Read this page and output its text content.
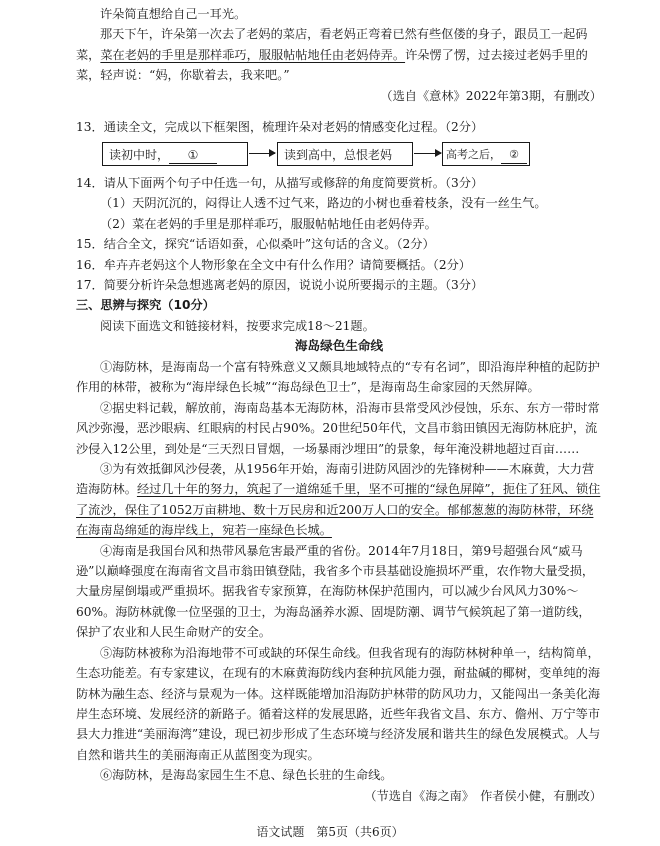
许朵简直想给自己一耳光。

那天下午，许朵第一次去了老妈的菜店，看老妈正弯着已然有些伛偻的身子，跟员工一起码菜，菜在老妈的手里是那样乖巧，服服帖帖地任由老妈侍弄。许朵愣了愣，过去接过老妈手里的菜，轻声说：“妈，你歇着去，我来吧。”

（选自《意林》2022年第3期，有删改）

13．通读全文，完成以下框架图，梳理许朵对老妈的情感变化过程。（2分）

读初中时， ①	读到高中，总恨老妈	高考之后， ②

14．请从下面两个句子中任选一句，从描写或修辞的角度简要赏析。（3分）

（1）天阴沉沉的，闷得让人透不过气来，路边的小树也垂着枝条，没有一丝生气。

（2）菜在老妈的手里是那样乖巧，服服帖帖地任由老妈侍弄。

15．结合全文，探究“话语如蚕，心似桑叶”这句话的含义。（2分）

16．牟卉卉老妈这个人物形象在全文中有什么作用？请简要概括。（2分）

17．简要分析许朵急想逃离老妈的原因，说说小说所要揭示的主题。（3分）

三、思辨与探究（10分）

阅读下面选文和链接材料，按要求完成18～21题。

海岛绿色生命线

①海防林，是海南岛一个富有特殊意义又颇具地域特点的“专有名词”，即沿海岸种植的起防护作用的林带，被称为“海岸绿色长城”“海岛绿色卫士”，是海南岛生命家园的天然屏障。

②据史料记载，解放前，海南岛基本无海防林，沿海市县常受风沙侵蚀，乐东、东方一带时常风沙弥漫，恶沙眼病、红眼病的村民占90%。20世纪50年代，文昌市翁田镇因无海防林庇护，流沙侵入12公里，到处是“三天烈日冒烟，一场暴雨沙埋田”的景象，每年淹没耕地超过百亩……

③为有效抵御风沙侵袭，从1956年开始，海南引进防风固沙的先锋树种——木麻黄，大力营造海防林。经过几十年的努力，筑起了一道绵延千里，坚不可摧的“绿色屏障”，扼住了狂风、锁住了流沙，保住了1052万亩耕地、数十万民房和近200万人口的安全。郁郁葱葱的海防林带，环绕在海南岛绵延的海岸线上，宛若一座绿色长城。

④海南是我国台风和热带风暴危害最严重的省份。2014年7月18日，第9号超强台风“威马逊”以巅峰强度在海南省文昌市翁田镇登陆，我省多个市县基础设施损坏严重，农作物大量受损，大量房屋倒塌或严重损坏。据我省专家预算，在海防林保护范围内，可以减少台风风力30%～60%。海防林就像一位坚强的卫士，为海岛涵养水源、固堤防潮、调节气候筑起了第一道防线，保护了农业和人民生命财产的安全。

⑤海防林被称为沿海地带不可或缺的环保生命线。但我省现有的海防林树种单一，结构简单，生态功能差。有专家建议，在现有的木麻黄海防线内套种抗风能力强，耐盐碱的椰树，变单纯的海防林为融生态、经济与景观为一体。这样既能增加沿海防护林带的防风功力，又能闯出一条美化海岸生态环境、发展经济的新路子。循着这样的发展思路，近些年我省文昌、东方、儋州、万宁等市县大力推进“美丽海湾”建设，现已初步形成了生态环境与经济发展和谐共生的绿色发展模式。人与自然和谐共生的美丽海南正从蓝图变为现实。

⑥海防林，是海岛家园生生不息、绿色长驻的生命线。

（节选自《海之南》　作者侯小健，有删改）

语文试题　第5页（共6页）
